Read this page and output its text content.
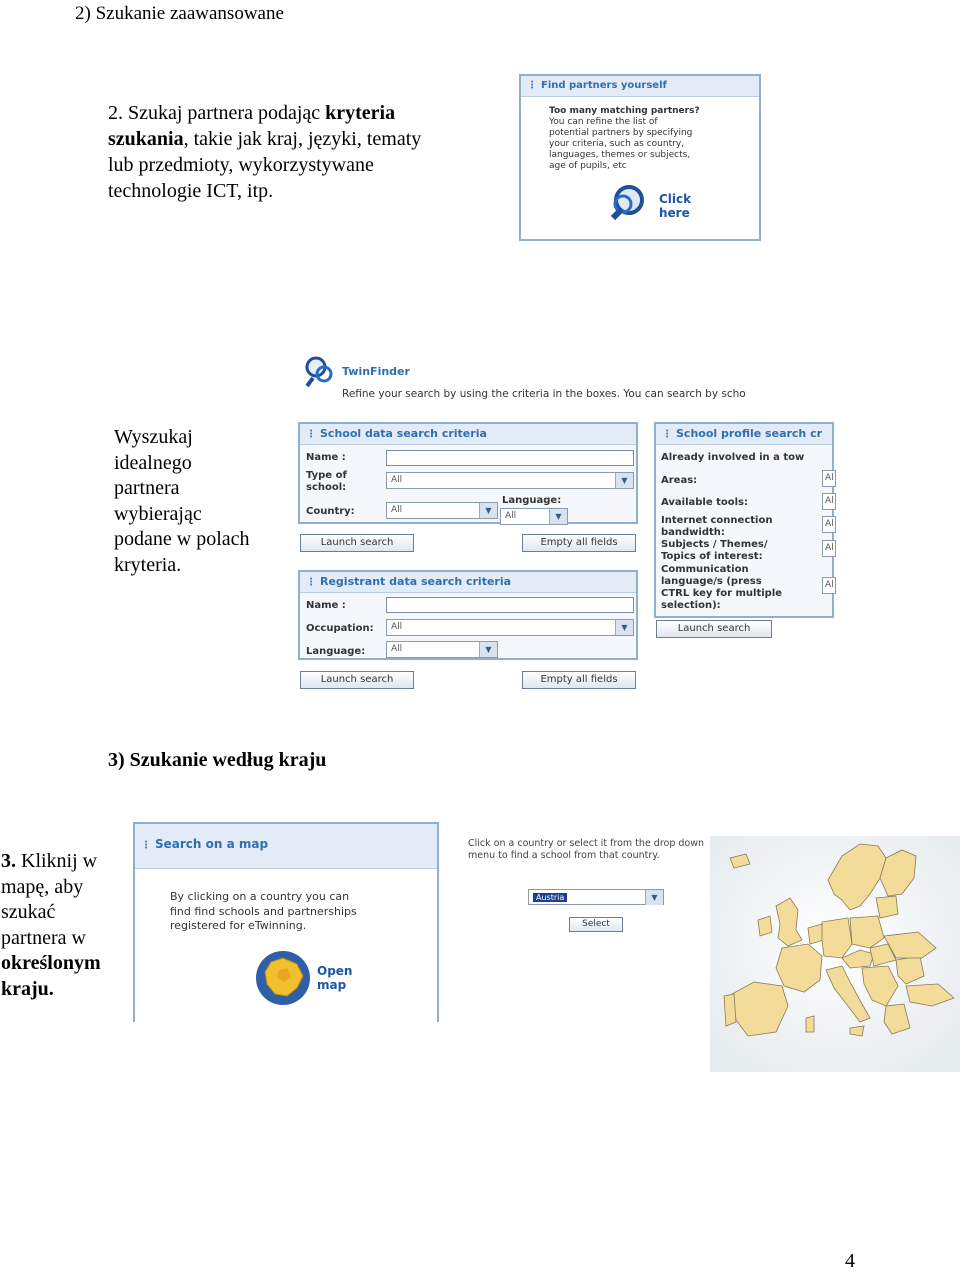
2) Szukanie zaawansowane
2. Szukaj partnera podając kryteria
szukania, takie jak kraj, języki, tematy
lub przedmioty, wykorzystywane
technologie ICT, itp.
⋮ Find partners yourself
Too many matching partners?
You can refine the list of
potential partners by specifying
your criteria, such as country,
languages, themes or subjects,
age of pupils, etc
Click
here
Wyszukaj
idealnego
partnera
wybierając
podane w polach
kryteria.
TwinFinder
Refine your search by using the criteria in the boxes. You can search by scho
⋮ School data search criteria
Name :
Type of
school:
All	▼
Country:	All	▼
Language:
All	▼
Launch search	Empty all fields
⋮ Registrant data search criteria
Name :
Occupation:	All	▼
Language:	All	▼
Launch search	Empty all fields
⋮ School profile search cr
Already involved in a tow
Areas:	Al
Available tools:	Al
Internet connection
bandwidth:
Al
Subjects / Themes/
Topics of interest:
Al
Communication
language/s (press
CTRL key for multiple
selection):
Al
Launch search
3) Szukanie według kraju
3. Kliknij w
mapę, aby
szukać
partnera w
określonym
kraju.
⋮ Search on a map
By clicking on a country you can
find find schools and partnerships
registered for eTwinning.
Open
map
Click on a country or select it from the drop down
menu to find a school from that country.
Austria	▼
Select
4
